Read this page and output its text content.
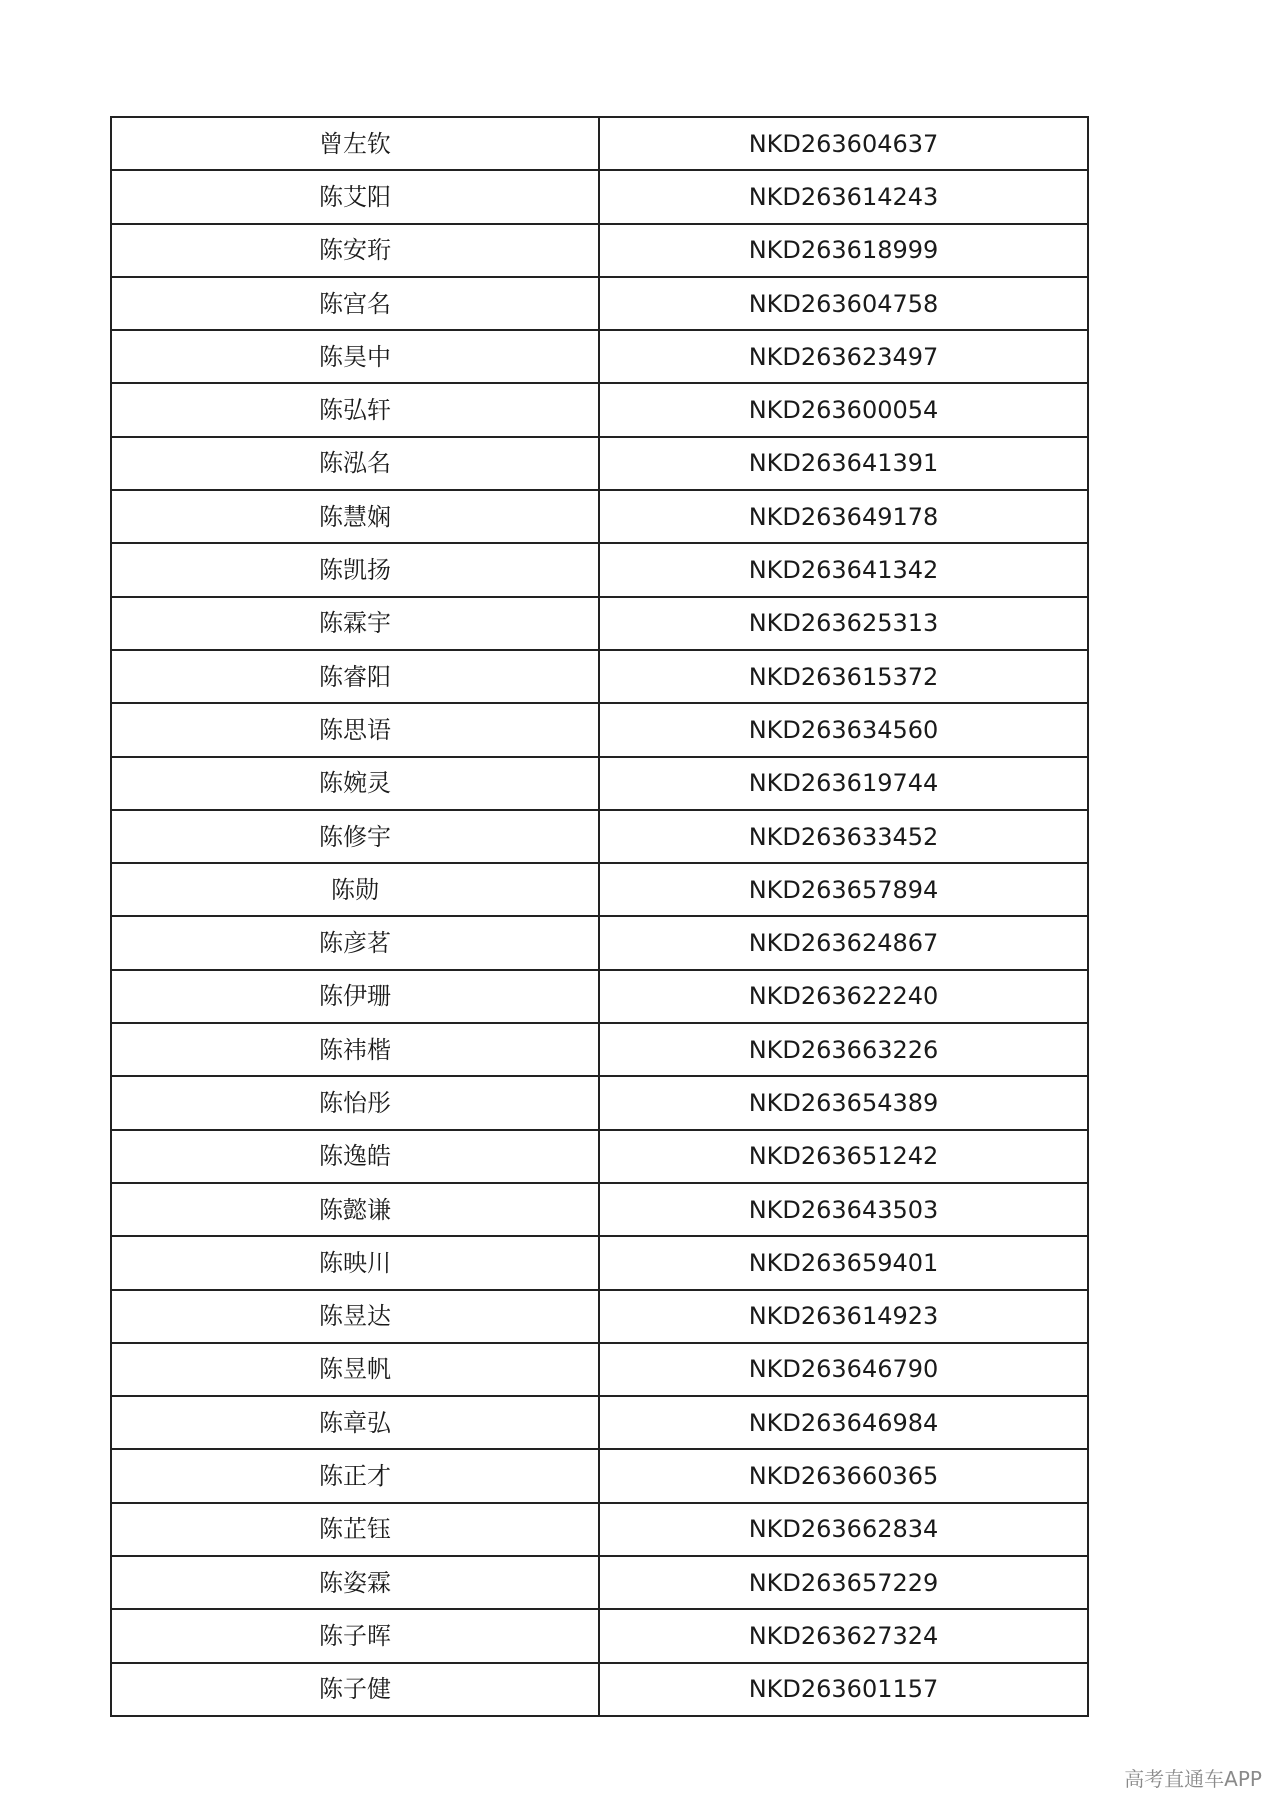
曾左钦	NKD263604637
陈艾阳	NKD263614243
陈安珩	NKD263618999
陈宫名	NKD263604758
陈昊中	NKD263623497
陈弘轩	NKD263600054
陈泓名	NKD263641391
陈慧娴	NKD263649178
陈凯扬	NKD263641342
陈霖宇	NKD263625313
陈睿阳	NKD263615372
陈思语	NKD263634560
陈婉灵	NKD263619744
陈修宇	NKD263633452
陈勋	NKD263657894
陈彦茗	NKD263624867
陈伊珊	NKD263622240
陈祎楷	NKD263663226
陈怡彤	NKD263654389
陈逸皓	NKD263651242
陈懿谦	NKD263643503
陈映川	NKD263659401
陈昱达	NKD263614923
陈昱帆	NKD263646790
陈章弘	NKD263646984
陈正才	NKD263660365
陈芷钰	NKD263662834
陈姿霖	NKD263657229
陈子晖	NKD263627324
陈子健	NKD263601157
高考直通车APP
